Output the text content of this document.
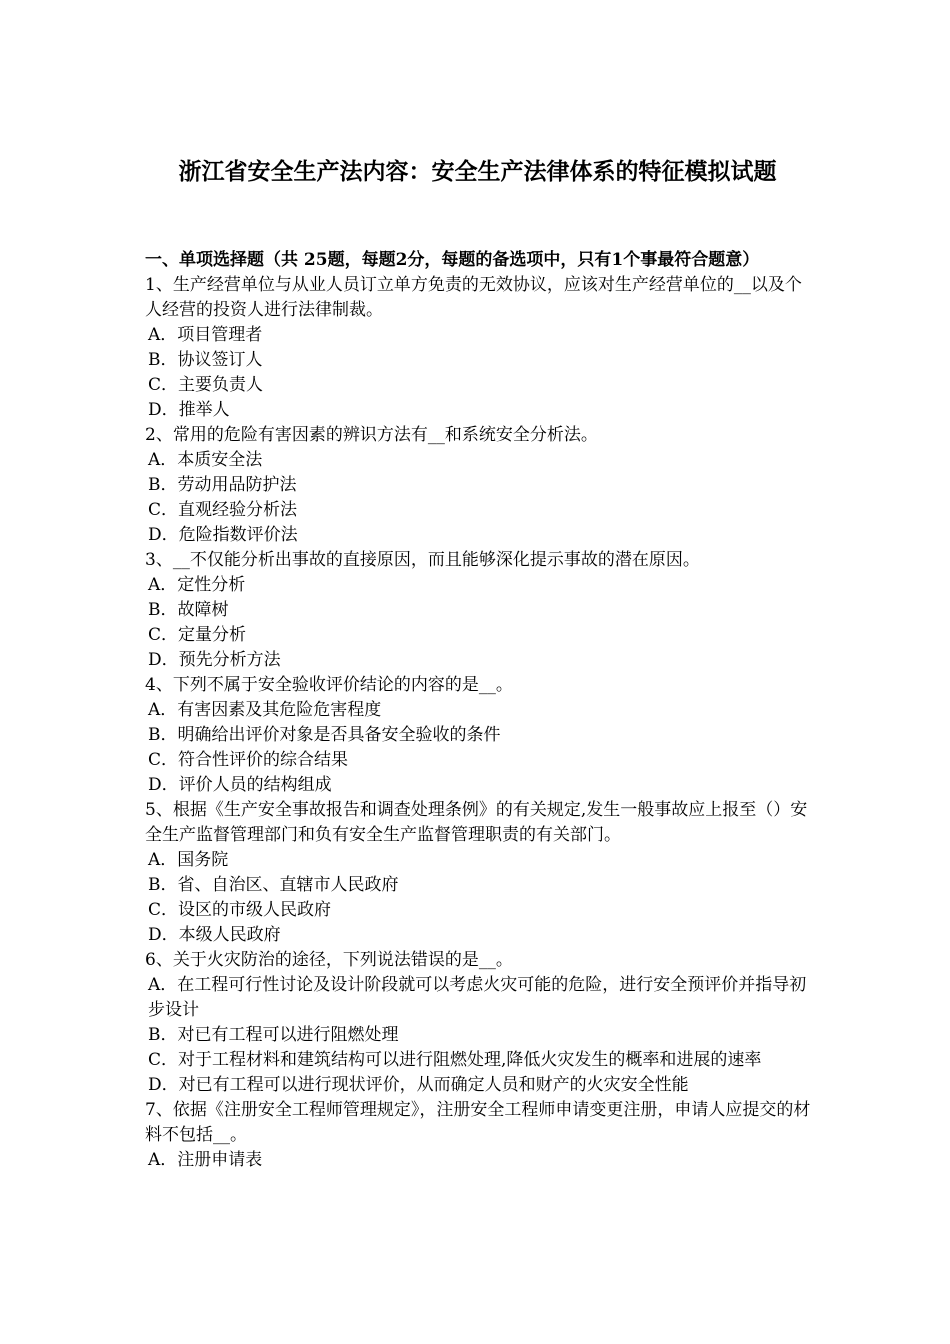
浙江省安全生产法内容：安全生产法律体系的特征模拟试题

一、单项选择题（共 25题，每题2分，每题的备选项中，只有1个事最符合题意）

1、生产经营单位与从业人员订立单方免责的无效协议，应该对生产经营单位的__以及个人经营的投资人进行法律制裁。

A．项目管理者

B．协议签订人

C．主要负责人

D．推举人

2、常用的危险有害因素的辨识方法有__和系统安全分析法。

A．本质安全法

B．劳动用品防护法

C．直观经验分析法

D．危险指数评价法

3、__不仅能分析出事故的直接原因，而且能够深化提示事故的潜在原因。

A．定性分析

B．故障树

C．定量分析

D．预先分析方法

4、下列不属于安全验收评价结论的内容的是__。

A．有害因素及其危险危害程度

B．明确给出评价对象是否具备安全验收的条件

C．符合性评价的综合结果

D．评价人员的结构组成

5、根据《生产安全事故报告和调查处理条例》的有关规定,发生一般事故应上报至（）安全生产监督管理部门和负有安全生产监督管理职责的有关部门。

A．国务院

B．省、自治区、直辖市人民政府

C．设区的市级人民政府

D．本级人民政府

6、关于火灾防治的途径，下列说法错误的是__。

A．在工程可行性讨论及设计阶段就可以考虑火灾可能的危险，进行安全预评价并指导初步设计

B．对已有工程可以进行阻燃处理

C．对于工程材料和建筑结构可以进行阻燃处理,降低火灾发生的概率和进展的速率

D．对已有工程可以进行现状评价，从而确定人员和财产的火灾安全性能

7、依据《注册安全工程师管理规定》，注册安全工程师申请变更注册，申请人应提交的材料不包括__。

A．注册申请表
